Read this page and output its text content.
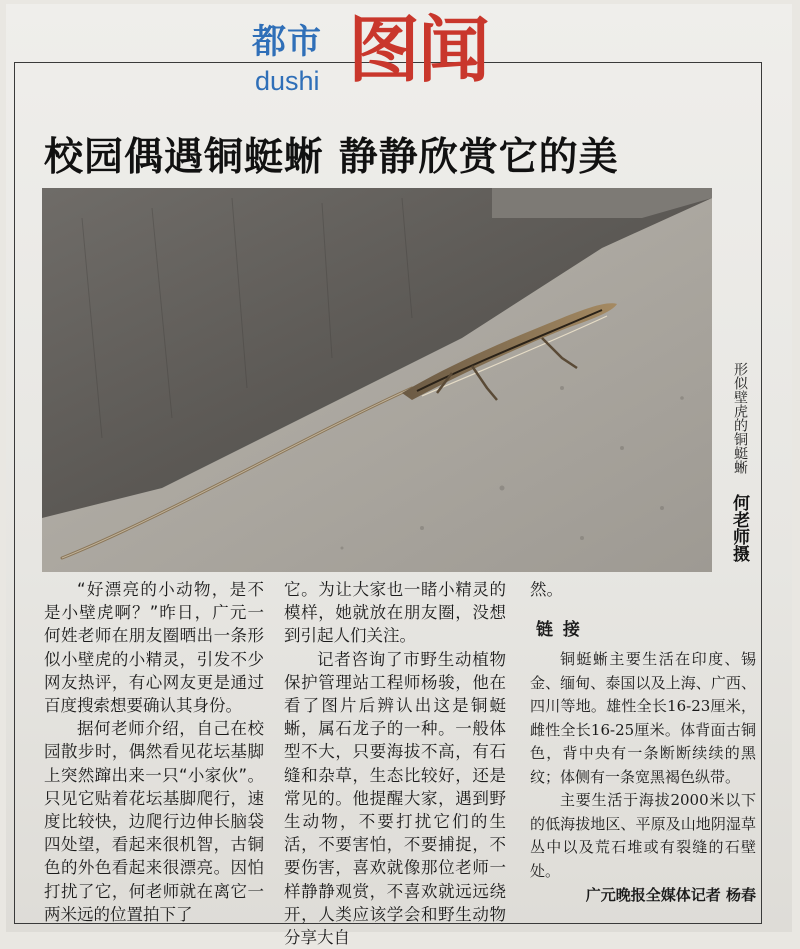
都市
dushi 图闻
校园偶遇铜蜓蜥 静静欣赏它的美
形似壁虎的铜蜓蜥
何老师摄

“好漂亮的小动物，是不是小壁虎啊？”昨日，广元一何姓老师在朋友圈晒出一条形似小壁虎的小精灵，引发不少网友热评，有心网友更是通过百度搜索想要确认其身份。

据何老师介绍，自己在校园散步时，偶然看见花坛基脚上突然蹿出来一只“小家伙”。只见它贴着花坛基脚爬行，速度比较快，边爬行边伸长脑袋四处望，看起来很机智，古铜色的外色看起来很漂亮。因怕打扰了它，何老师就在离它一两米远的位置拍下了

它。为让大家也一睹小精灵的模样，她就放在朋友圈，没想到引起人们关注。

记者咨询了市野生动植物保护管理站工程师杨骏，他在看了图片后辨认出这是铜蜓蜥，属石龙子的一种。一般体型不大，只要海拔不高，有石缝和杂草，生态比较好，还是常见的。他提醒大家，遇到野生动物，不要打扰它们的生活，不要害怕，不要捕捉，不要伤害，喜欢就像那位老师一样静静观赏，不喜欢就远远绕开，人类应该学会和野生动物分享大自

然。

链 接

铜蜓蜥主要生活在印度、锡金、缅甸、泰国以及上海、广西、四川等地。雄性全长16-23厘米，雌性全长16-25厘米。体背面古铜色，背中央有一条断断续续的黑纹；体侧有一条宽黑褐色纵带。

主要生活于海拔2000米以下的低海拔地区、平原及山地阴湿草丛中以及荒石堆或有裂缝的石壁处。

广元晚报全媒体记者 杨春
